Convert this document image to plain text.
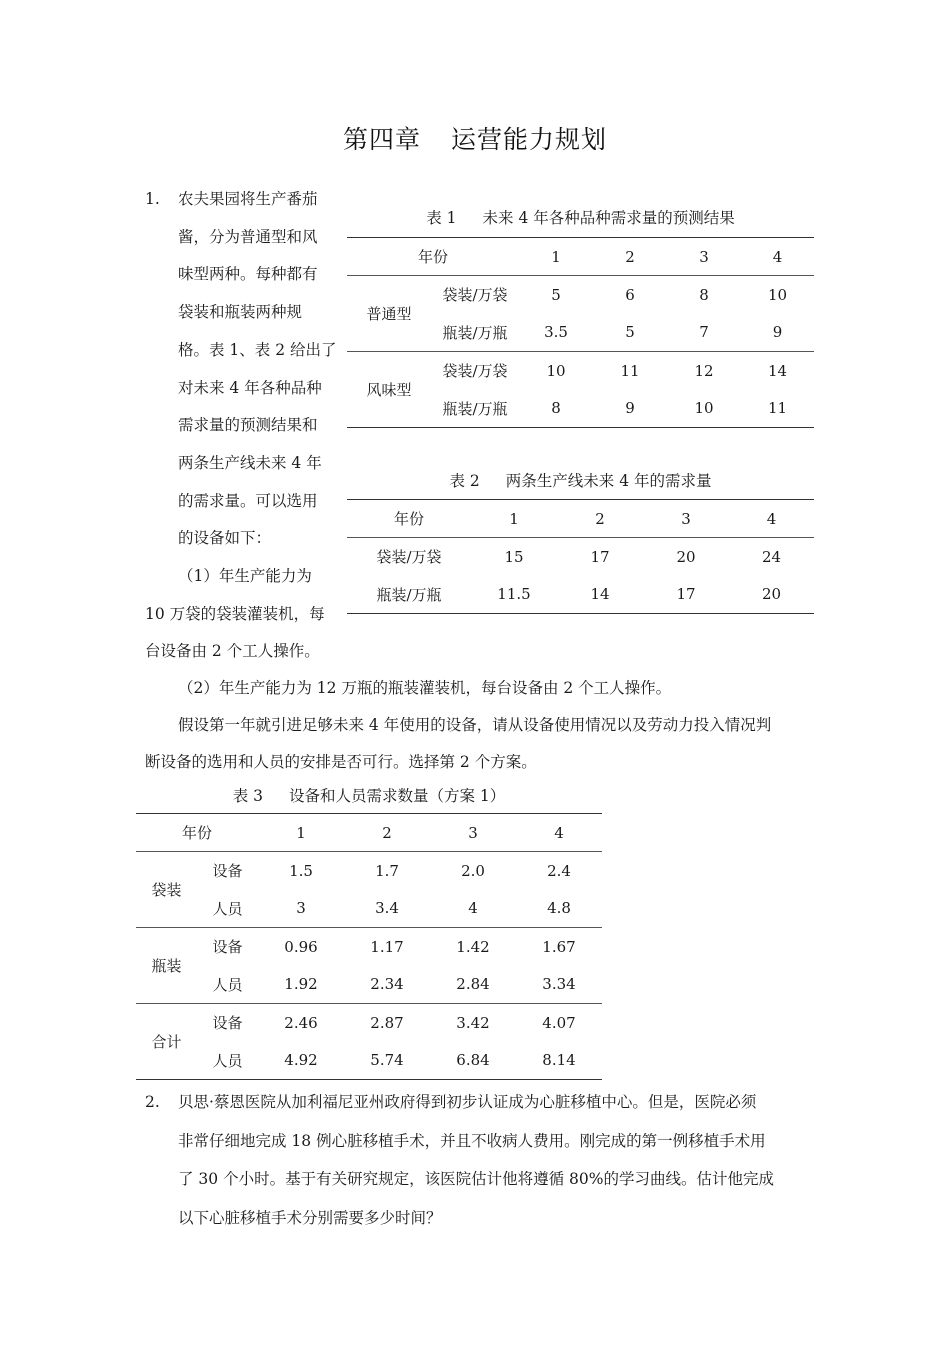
第四章 运营能力规划
1. 农夫果园将生产番茄
酱，分为普通型和风
味型两种。每种都有
袋装和瓶装两种规
格。表 1、表 2 给出了
对未来 4 年各种品种
需求量的预测结果和
两条生产线未来 4 年
的需求量。可以选用
的设备如下：
（1）年生产能力为
10 万袋的袋装灌装机，每
台设备由 2 个工人操作。
（2）年生产能力为 12 万瓶的瓶装灌装机，每台设备由 2 个工人操作。
假设第一年就引进足够未来 4 年使用的设备，请从设备使用情况以及劳动力投入情况判
断设备的选用和人员的安排是否可行。选择第 2 个方案。
表 1 未来 4 年各种品种需求量的预测结果
年份		1	2	3	4
普通型	袋装/万袋	5	6	8	10
	瓶装/万瓶	3.5	5	7	9
风味型	袋装/万袋	10	11	12	14
	瓶装/万瓶	8	9	10	11
表 2 两条生产线未来 4 年的需求量
年份	1	2	3	4
袋装/万袋	15	17	20	24
瓶装/万瓶	11.5	14	17	20
表 3 设备和人员需求数量（方案 1）
年份		1	2	3	4
袋装	设备	1.5	1.7	2.0	2.4
	人员	3	3.4	4	4.8
瓶装	设备	0.96	1.17	1.42	1.67
	人员	1.92	2.34	2.84	3.34
合计	设备	2.46	2.87	3.42	4.07
	人员	4.92	5.74	6.84	8.14
2. 贝思·蔡恩医院从加利福尼亚州政府得到初步认证成为心脏移植中心。但是，医院必须
非常仔细地完成 18 例心脏移植手术，并且不收病人费用。刚完成的第一例移植手术用
了 30 个小时。基于有关研究规定，该医院估计他将遵循 80%的学习曲线。估计他完成
以下心脏移植手术分别需要多少时间？
